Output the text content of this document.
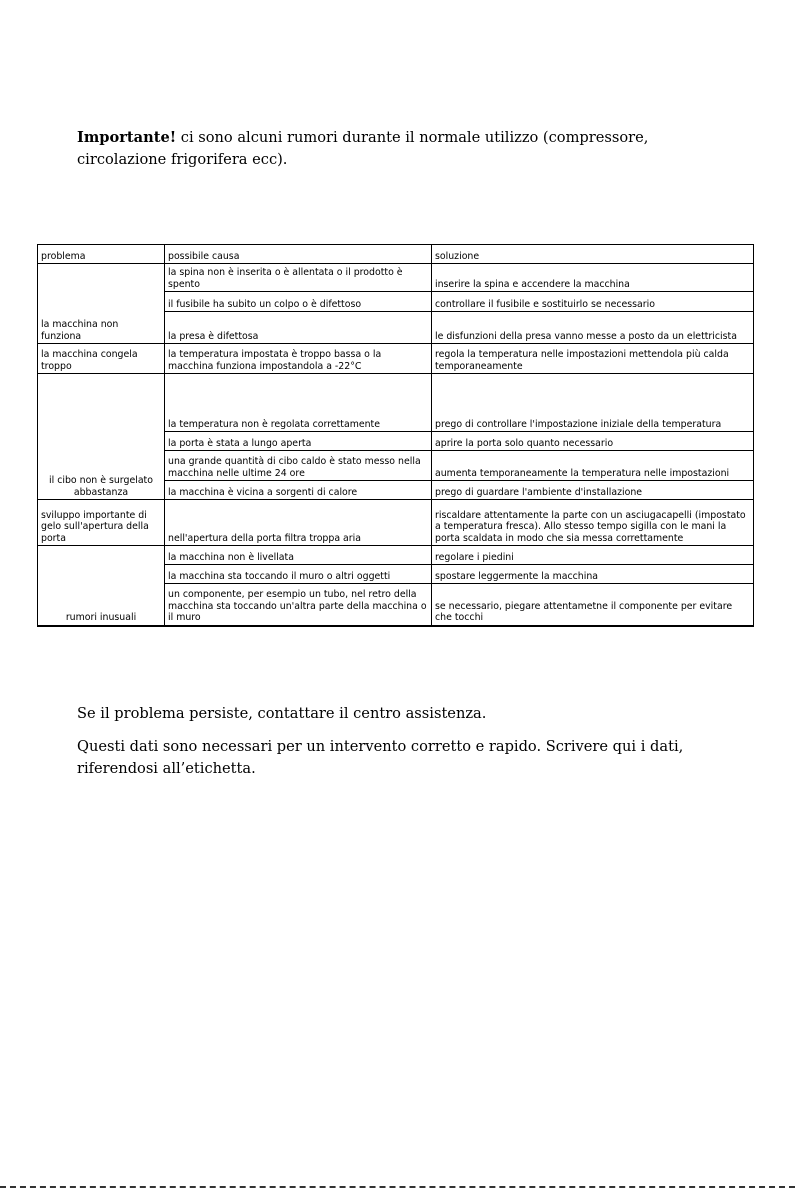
Importante! ci sono alcuni rumori durante il normale utilizzo (compressore, circolazione frigorifera ecc).

problema	possibile causa	soluzione
la macchina non funziona	la spina non è inserita o è allentata o il prodotto è spento	inserire la spina e accendere la macchina
	il fusibile ha subito un colpo o è difettoso	controllare il fusibile e sostituirlo se necessario
	la presa è difettosa	le disfunzioni della presa vanno messe a posto da un elettricista
la macchina congela troppo	la temperatura impostata è troppo bassa o la macchina funziona impostandola a -22°C	regola la temperatura nelle impostazioni mettendola più calda temporaneamente
il cibo non è surgelato abbastanza	la temperatura non è regolata correttamente	prego di controllare l'impostazione iniziale della temperatura
	la porta è stata a lungo aperta	aprire la porta solo quanto necessario
	una grande quantità di cibo caldo è stato messo nella macchina nelle ultime 24 ore	aumenta temporaneamente la temperatura nelle impostazioni
	la macchina è vicina a sorgenti di calore	prego di guardare l'ambiente d'installazione
sviluppo importante di gelo sull'apertura della porta	nell'apertura della porta filtra troppa aria	riscaldare attentamente la parte con un asciugacapelli (impostato a temperatura fresca). Allo stesso tempo sigilla con le mani la porta scaldata in modo che sia messa correttamente
rumori inusuali	la macchina non è livellata	regolare i piedini
	la macchina sta toccando il muro o altri oggetti	spostare leggermente la macchina
	un componente, per esempio un tubo, nel retro della macchina sta toccando un'altra parte della macchina o il muro	se necessario, piegare attentametne il componente per evitare che tocchi

Se il problema persiste, contattare il centro assistenza.

Questi dati sono necessari per un intervento corretto e rapido. Scrivere qui i dati, riferendosi all’etichetta.
